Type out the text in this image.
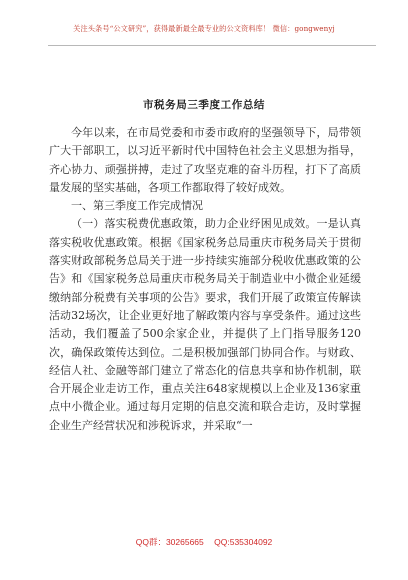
关注头条号“公文研究”，获得最新最全最专业的公文资料库！ 微信：gongwenyj
市税务局三季度工作总结

今年以来，在市局党委和市委市政府的坚强领导下，局带领广大干部职工，以习近平新时代中国特色社会主义思想为指导，齐心协力、顽强拼搏，走过了攻坚克难的奋斗历程，打下了高质量发展的坚实基础，各项工作都取得了较好成效。

一、第三季度工作完成情况

（一）落实税费优惠政策，助力企业纾困见成效。一是认真落实税收优惠政策。根据《国家税务总局重庆市税务局关于贯彻落实财政部税务总局关于进一步持续实施部分税收优惠政策的公告》和《国家税务总局重庆市税务局关于制造业中小微企业延缓缴纳部分税费有关事项的公告》要求，我们开展了政策宣传解读活动32场次，让企业更好地了解政策内容与享受条件。通过这些活动，我们覆盖了500余家企业，并提供了上门指导服务120次，确保政策传达到位。二是积极加强部门协同合作。与财政、经信人社、金融等部门建立了常态化的信息共享和协作机制，联合开展企业走访工作，重点关注648家规模以上企业及136家重点中小微企业。通过每月定期的信息交流和联合走访，及时掌握企业生产经营状况和涉税诉求，并采取“一

QQ群：30265665 QQ:535304092
